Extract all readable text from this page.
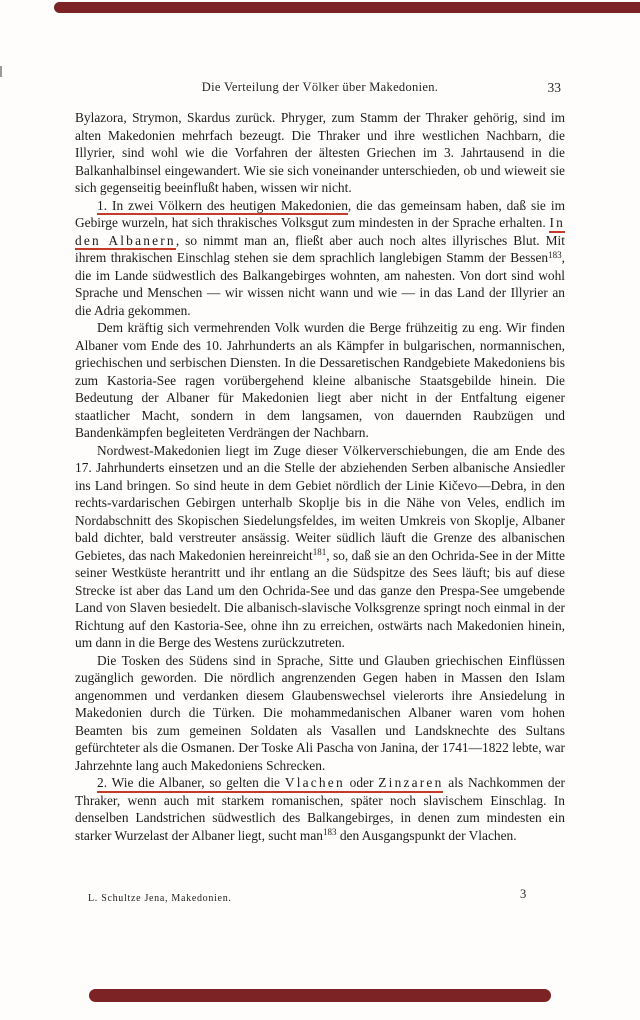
Die Verteilung der Völker über Makedonien.	33

Bylazora, Strymon, Skardus zurück. Phryger, zum Stamm der Thraker gehörig, sind im alten Makedonien mehrfach bezeugt. Die Thraker und ihre westlichen Nachbarn, die Illyrier, sind wohl wie die Vorfahren der ältesten Griechen im 3. Jahrtausend in die Balkanhalbinsel eingewandert. Wie sie sich voneinander unterschieden, ob und wieweit sie sich gegenseitig beeinflußt haben, wissen wir nicht.

1. In zwei Völkern des heutigen Makedonien, die das gemeinsam haben, daß sie im Gebirge wurzeln, hat sich thrakisches Volksgut zum mindesten in der Sprache erhalten. In den Albanern, so nimmt man an, fließt aber auch noch altes illyrisches Blut. Mit ihrem thrakischen Einschlag stehen sie dem sprachlich langlebigen Stamm der Bessen$^{183}$, die im Lande südwestlich des Balkangebirges wohnten, am nahesten. Von dort sind wohl Sprache und Menschen — wir wissen nicht wann und wie — in das Land der Illyrier an die Adria gekommen.

Dem kräftig sich vermehrenden Volk wurden die Berge frühzeitig zu eng. Wir finden Albaner vom Ende des 10. Jahrhunderts an als Kämpfer in bulgarischen, normannischen, griechischen und serbischen Diensten. In die Dessaretischen Randgebiete Makedoniens bis zum Kastoria-See ragen vorübergehend kleine albanische Staatsgebilde hinein. Die Bedeutung der Albaner für Makedonien liegt aber nicht in der Entfaltung eigener staatlicher Macht, sondern in dem langsamen, von dauernden Raubzügen und Bandenkämpfen begleiteten Verdrängen der Nachbarn.

Nordwest-Makedonien liegt im Zuge dieser Völkerverschiebungen, die am Ende des 17. Jahrhunderts einsetzen und an die Stelle der abziehenden Serben albanische Ansiedler ins Land bringen. So sind heute in dem Gebiet nördlich der Linie Kičevo—Debra, in den rechts-vardarischen Gebirgen unterhalb Skoplje bis in die Nähe von Veles, endlich im Nordabschnitt des Skopischen Siedelungsfeldes, im weiten Umkreis von Skoplje, Albaner bald dichter, bald verstreuter ansässig. Weiter südlich läuft die Grenze des albanischen Gebietes, das nach Makedonien hereinreicht$^{181}$, so, daß sie an den Ochrida-See in der Mitte seiner Westküste herantritt und ihr entlang an die Südspitze des Sees läuft; bis auf diese Strecke ist aber das Land um den Ochrida-See und das ganze den Prespa-See umgebende Land von Slaven besiedelt. Die albanisch-slavische Volksgrenze springt noch einmal in der Richtung auf den Kastoria-See, ohne ihn zu erreichen, ostwärts nach Makedonien hinein, um dann in die Berge des Westens zurückzutreten.

Die Tosken des Südens sind in Sprache, Sitte und Glauben griechischen Einflüssen zugänglich geworden. Die nördlich angrenzenden Gegen haben in Massen den Islam angenommen und verdanken diesem Glaubenswechsel vielerorts ihre Ansiedelung in Makedonien durch die Türken. Die mohammedanischen Albaner waren vom hohen Beamten bis zum gemeinen Soldaten als Vasallen und Landsknechte des Sultans gefürchteter als die Osmanen. Der Toske Ali Pascha von Janina, der 1741—1822 lebte, war Jahrzehnte lang auch Makedoniens Schrecken.

2. Wie die Albaner, so gelten die Vlachen oder Zinzaren als Nachkommen der Thraker, wenn auch mit starkem romanischen, später noch slavischem Einschlag. In denselben Landstrichen südwestlich des Balkangebirges, in denen zum mindesten ein starker Wurzelast der Albaner liegt, sucht man$^{183}$ den Ausgangspunkt der Vlachen.

L. Schultze Jena, Makedonien.	3
